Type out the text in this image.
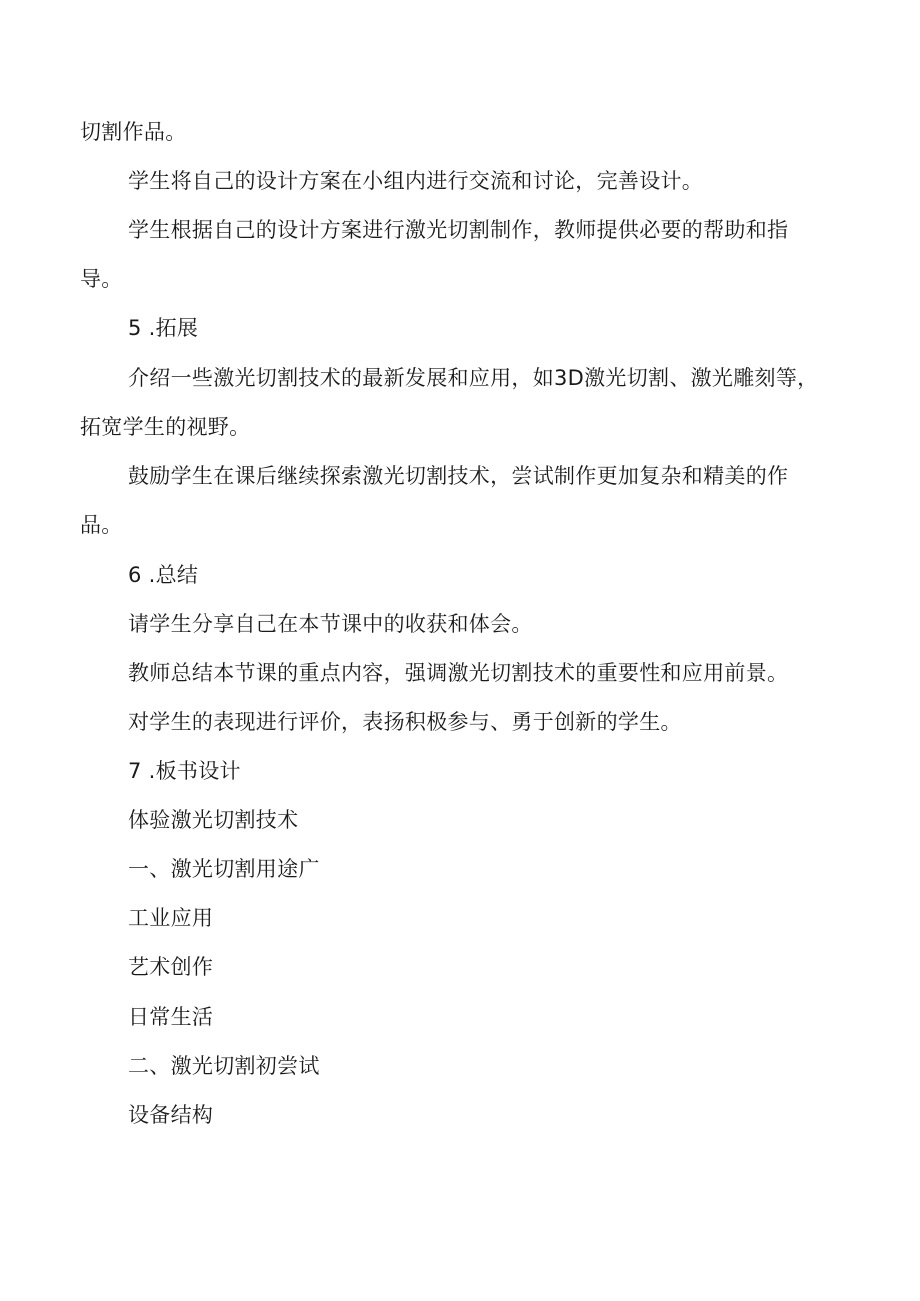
切割作品。
学生将自己的设计方案在小组内进行交流和讨论，完善设计。
学生根据自己的设计方案进行激光切割制作，教师提供必要的帮助和指
导。
5 .拓展
介绍一些激光切割技术的最新发展和应用，如3D激光切割、激光雕刻等，
拓宽学生的视野。
鼓励学生在课后继续探索激光切割技术，尝试制作更加复杂和精美的作
品。
6 .总结
请学生分享自己在本节课中的收获和体会。
教师总结本节课的重点内容，强调激光切割技术的重要性和应用前景。
对学生的表现进行评价，表扬积极参与、勇于创新的学生。
7 .板书设计
体验激光切割技术
一、激光切割用途广
工业应用
艺术创作
日常生活
二、激光切割初尝试
设备结构
